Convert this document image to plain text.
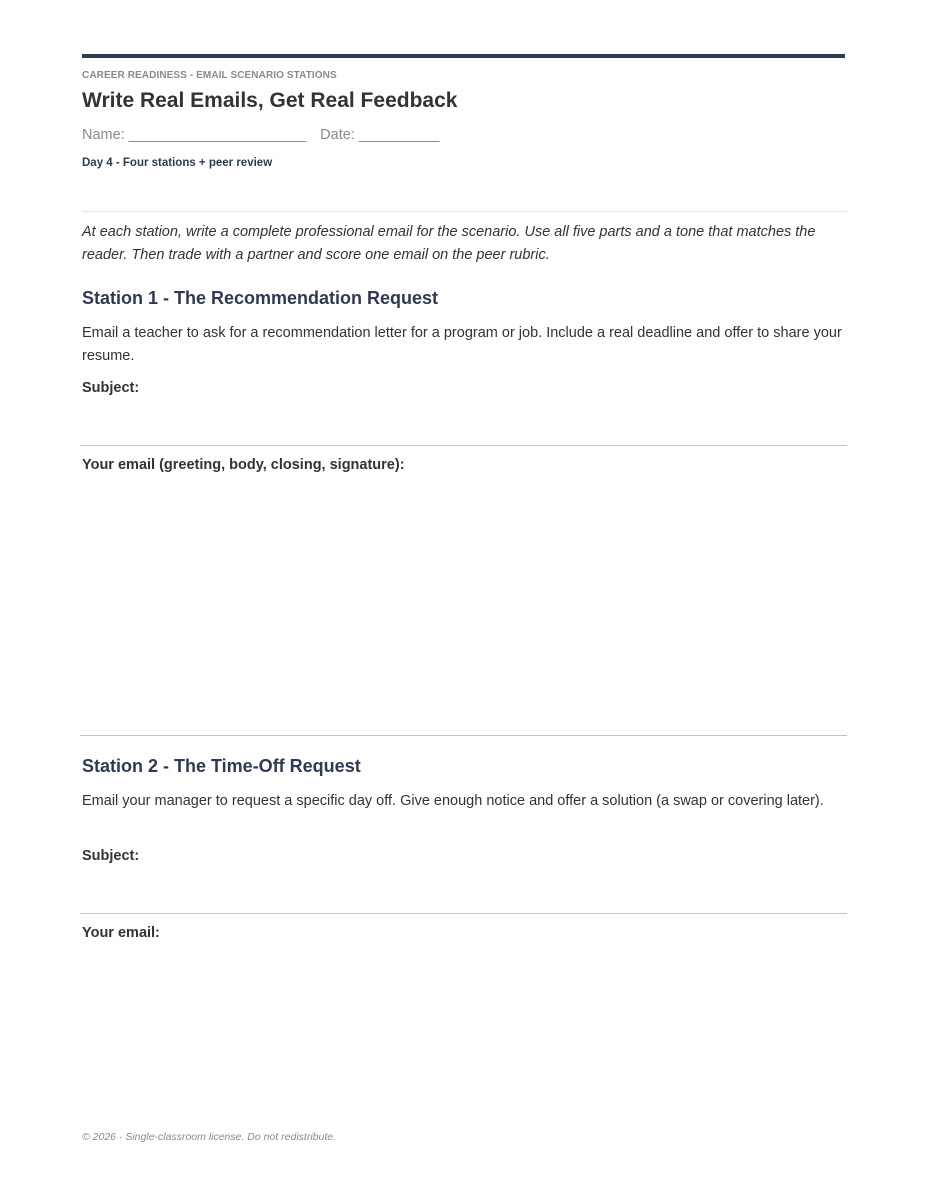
CAREER READINESS - EMAIL SCENARIO STATIONS
Write Real Emails, Get Real Feedback
Name: ______________________ Date: __________
Day 4 - Four stations + peer review
At each station, write a complete professional email for the scenario. Use all five parts and a tone that matches the reader. Then trade with a partner and score one email on the peer rubric.
Station 1 - The Recommendation Request
Email a teacher to ask for a recommendation letter for a program or job. Include a real deadline and offer to share your resume.
Subject:
Your email (greeting, body, closing, signature):
Station 2 - The Time-Off Request
Email your manager to request a specific day off. Give enough notice and offer a solution (a swap or covering later).
Subject:
Your email:
© 2026 · Single-classroom license. Do not redistribute.
